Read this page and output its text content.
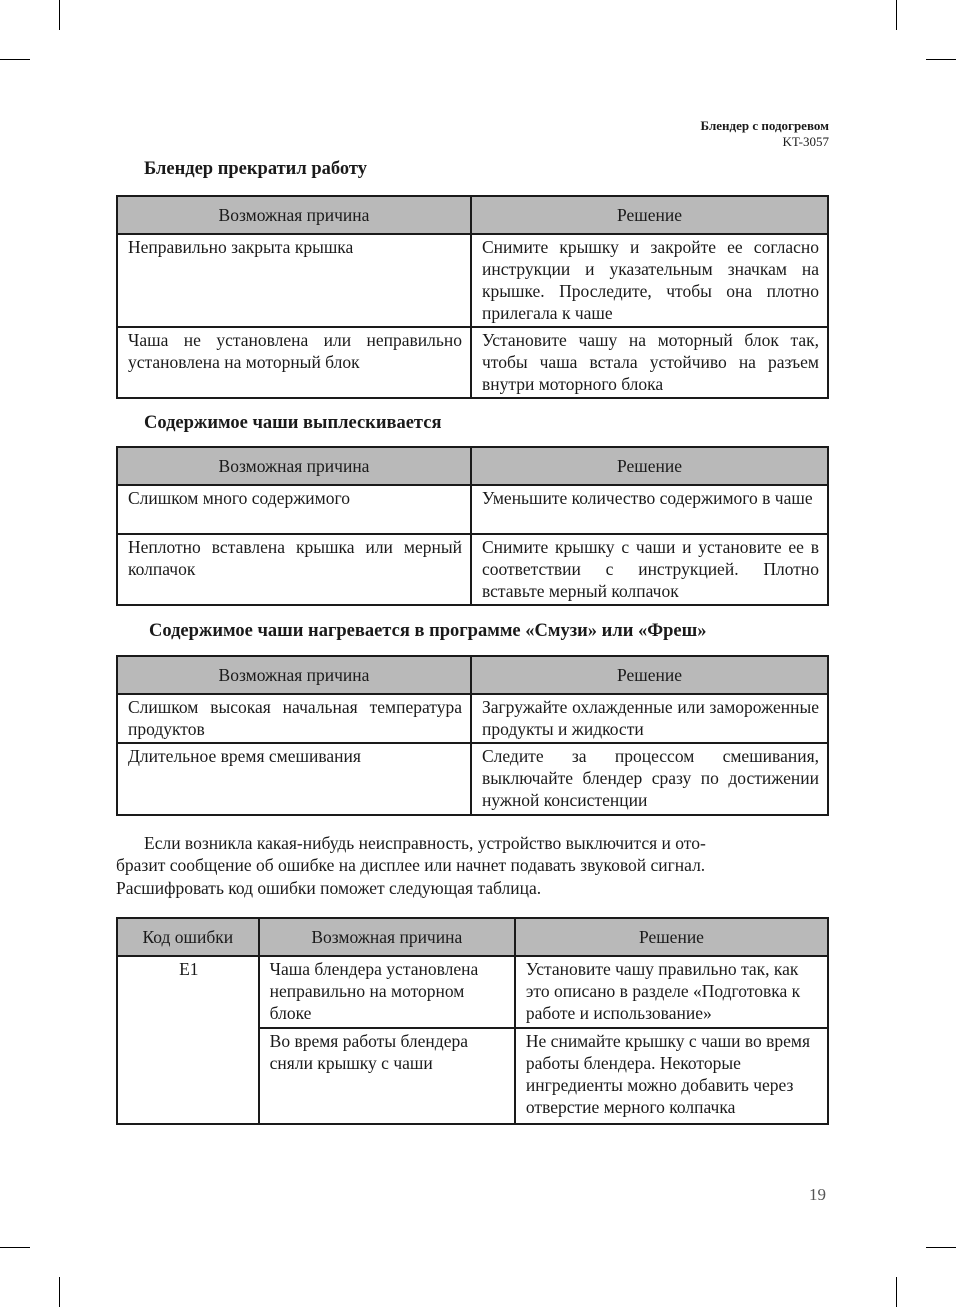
Блендер с подогревом
KT-3057
Блендер прекратил работу
Возможная причина	Решение
Неправильно закрыта крышка	Снимите крышку и закройте ее согласно инструкции и указательным значкам на крышке. Проследите, чтобы она плотно прилегала к чаше
Чаша не установлена или неправильно установлена на моторный блок	Установите чашу на моторный блок так, чтобы чаша встала устойчиво на разъем внутри моторного блока
Содержимое чаши выплескивается
Возможная причина	Решение
Слишком много содержимого	Уменьшите количество содержимого в чаше
Неплотно вставлена крышка или мерный колпачок	Снимите крышку с чаши и установите ее в соответствии с инструкцией. Плотно вставьте мерный колпачок
Содержимое чаши нагревается в программе «Смузи» или «Фреш»
Возможная причина	Решение
Слишком высокая начальная температура продуктов	Загружайте охлажденные или замороженные продукты и жидкости
Длительное время смешивания	Следите за процессом смешивания, выключайте блендер сразу по достижении нужной консистенции

Если возникла какая-нибудь неисправность, устройство выключится и ото-
бразит сообщение об ошибке на дисплее или начнет подавать звуковой сигнал.
Расшифровать код ошибки поможет следующая таблица.

Код ошибки	Возможная причина	Решение
E1	Чаша блендера установлена неправильно на моторном блоке	Установите чашу правильно так, как это описано в разделе «Подготовка к работе и использование»
	Во время работы блендера сняли крышку с чаши	Не снимайте крышку с чаши во время работы блендера. Некоторые ингредиенты можно добавить через отверстие мерного колпачка
19
